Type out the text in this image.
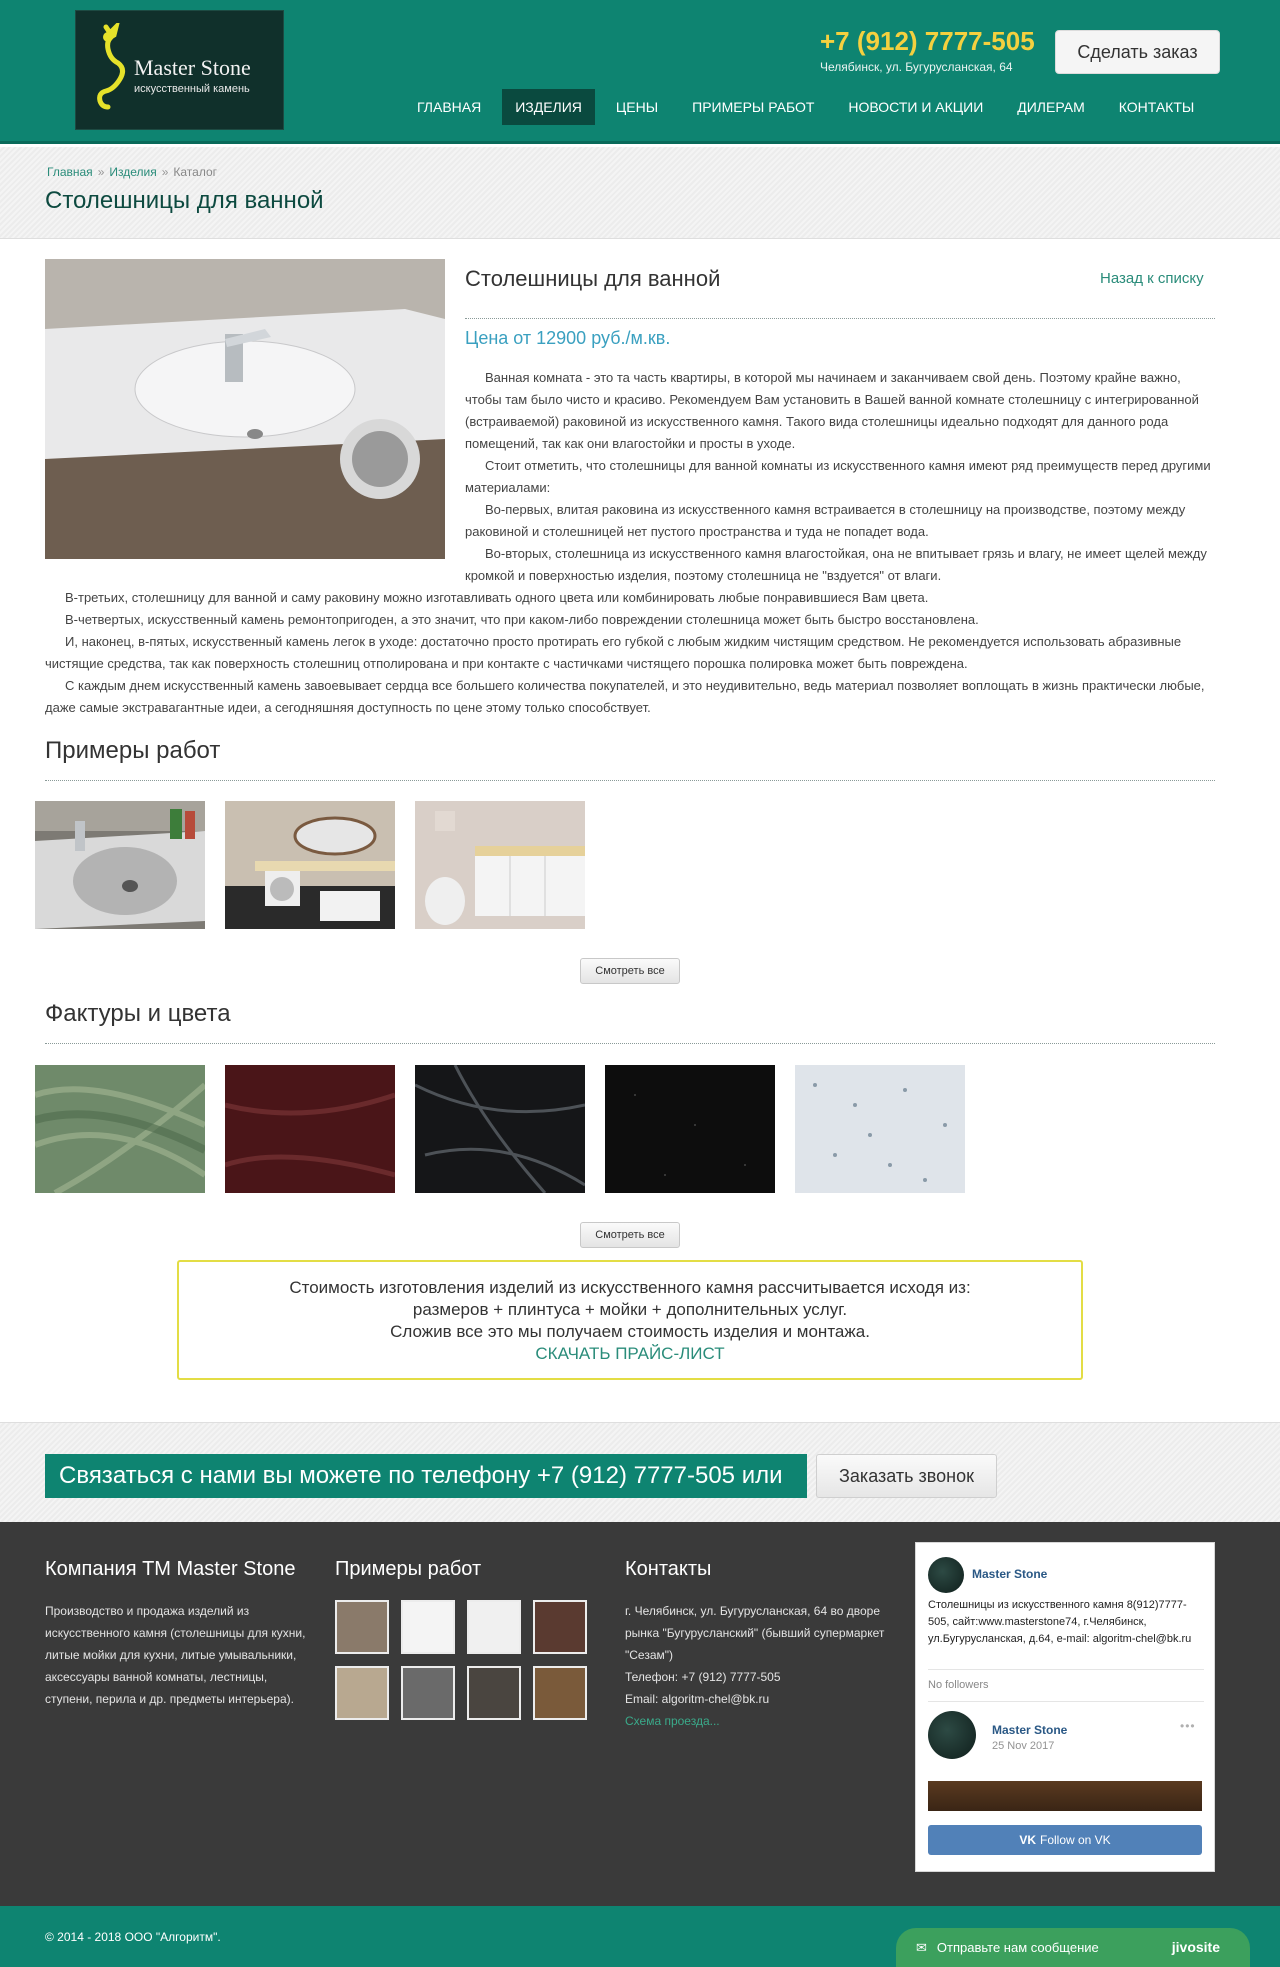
Master Stone
искусственный камень
+7 (912) 7777-505
Челябинск, ул. Бугурусланская, 64
Сделать заказ
ГЛАВНАЯ	ИЗДЕЛИЯ	ЦЕНЫ	ПРИМЕРЫ РАБОТ	НОВОСТИ И АКЦИИ	ДИЛЕРАМ	КОНТАКТЫ
Главная » Изделия » Каталог
Столешницы для ванной
Столешницы для ванной	Назад к списку
Цена от 12900 руб./м.кв.

Ванная комната - это та часть квартиры, в которой мы начинаем и заканчиваем свой день. Поэтому крайне важно, чтобы там было чисто и красиво. Рекомендуем Вам установить в Вашей ванной комнате столешницу с интегрированной (встраиваемой) раковиной из искусственного камня. Такого вида столешницы идеально подходят для данного рода помещений, так как они влагостойки и просты в уходе.

Стоит отметить, что столешницы для ванной комнаты из искусственного камня имеют ряд преимуществ перед другими материалами:

Во-первых, влитая раковина из искусственного камня встраивается в столешницу на производстве, поэтому между раковиной и столешницей нет пустого пространства и туда не попадет вода.

Во-вторых, столешница из искусственного камня влагостойкая, она не впитывает грязь и влагу, не имеет щелей между кромкой и поверхностью изделия, поэтому столешница не "вздуется" от влаги.

В-третьих, столешницу для ванной и саму раковину можно изготавливать одного цвета или комбинировать любые понравившиеся Вам цвета.

В-четвертых, искусственный камень ремонтопригоден, а это значит, что при каком-либо повреждении столешница может быть быстро восстановлена.

И, наконец, в-пятых, искусственный камень легок в уходе: достаточно просто протирать его губкой с любым жидким чистящим средством. Не рекомендуется использовать абразивные чистящие средства, так как поверхность столешниц отполирована и при контакте с частичками чистящего порошка полировка может быть повреждена.

С каждым днем искусственный камень завоевывает сердца все большего количества покупателей, и это неудивительно, ведь материал позволяет воплощать в жизнь практически любые, даже самые экстравагантные идеи, а сегодняшняя доступность по цене этому только способствует.

Примеры работ
Смотреть все
Фактуры и цвета
Смотреть все
Стоимость изготовления изделий из искусственного камня рассчитывается исходя из:
размеров + плинтуса + мойки + дополнительных услуг.
Сложив все это мы получаем стоимость изделия и монтажа.
СКАЧАТЬ ПРАЙС-ЛИСТ
Связаться с нами вы можете по телефону +7 (912) 7777-505 или	Заказать звонок
Компания ТМ Master Stone
Производство и продажа изделий из искусственного камня (столешницы для кухни, литые мойки для кухни, литые умывальники, аксессуары ванной комнаты, лестницы, ступени, перила и др. предметы интерьера).
Примеры работ	Контакты
г. Челябинск, ул. Бугурусланская, 64 во дворе рынка "Бугурусланский" (бывший супермаркет "Сезам")
Телефон: +7 (912) 7777-505
Email: algoritm-chel@bk.ru
Схема проезда...
Master Stone
Столешницы из искусственного камня 8(912)7777-505, сайт:www.masterstone74, г.Челябинск, ул.Бугурусланская, д.64, e-mail: algoritm-chel@bk.ru
No followers
Master Stone
25 Nov 2017
•••
VK Follow on VK
© 2014 - 2018 ООО "Алгоритм".
✉ Отправьте нам сообщение	jivosite
